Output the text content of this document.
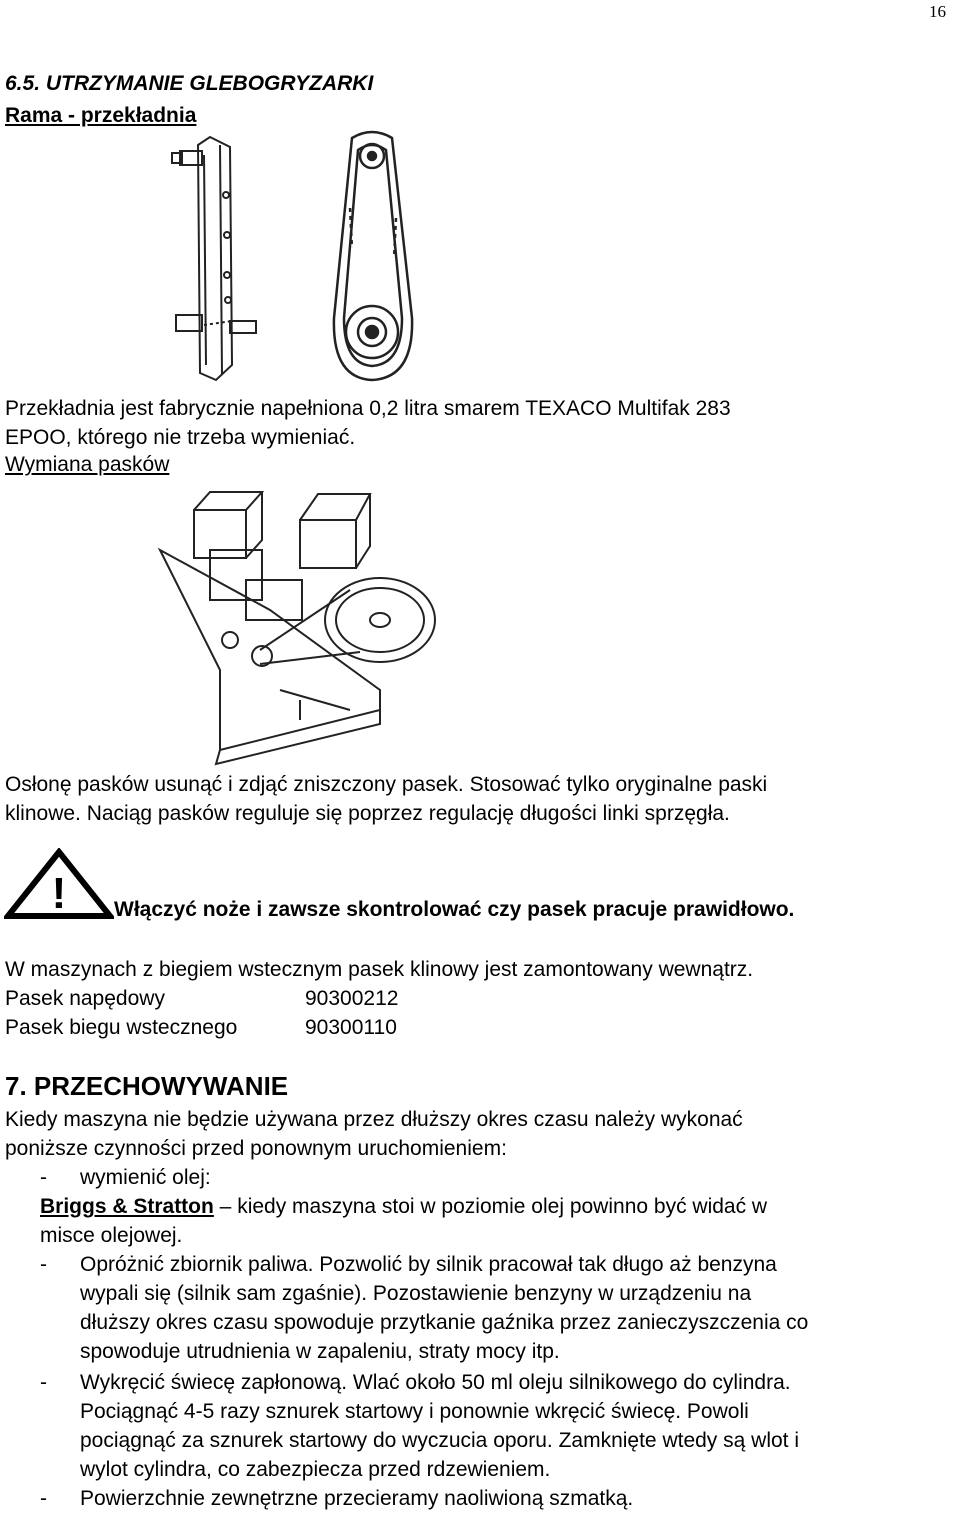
16
6.5. UTRZYMANIE GLEBOGRYZARKI
Rama - przekładnia
Przekładnia jest fabrycznie napełniona 0,2 litra smarem TEXACO Multifak 283
EPOO, którego nie trzeba wymieniać.
Wymiana pasków
Osłonę pasków usunąć i zdjąć zniszczony pasek. Stosować tylko oryginalne paski
klinowe. Naciąg pasków reguluje się poprzez regulację długości linki sprzęgła.
! Włączyć noże i zawsze skontrolować czy pasek pracuje prawidłowo.
W maszynach z biegiem wstecznym pasek klinowy jest zamontowany wewnątrz.
Pasek napędowy	90300212
Pasek biegu wstecznego	90300110
7. PRZECHOWYWANIE
Kiedy maszyna nie będzie używana przez dłuższy okres czasu należy wykonać
poniższe czynności przed ponownym uruchomieniem:
- wymienić olej:
Briggs & Stratton – kiedy maszyna stoi w poziomie olej powinno być widać w
misce olejowej.
- Opróżnić zbiornik paliwa. Pozwolić by silnik pracował tak długo aż benzyna
wypali się (silnik sam zgaśnie). Pozostawienie benzyny w urządzeniu na
dłuższy okres czasu spowoduje przytkanie gaźnika przez zanieczyszczenia co
spowoduje utrudnienia w zapaleniu, straty mocy itp.
- Wykręcić świecę zapłonową. Wlać około 50 ml oleju silnikowego do cylindra.
Pociągnąć 4-5 razy sznurek startowy i ponownie wkręcić świecę. Powoli
pociągnąć za sznurek startowy do wyczucia oporu. Zamknięte wtedy są wlot i
wylot cylindra, co zabezpiecza przed rdzewieniem.
- Powierzchnie zewnętrzne przecieramy naoliwioną szmatką.
